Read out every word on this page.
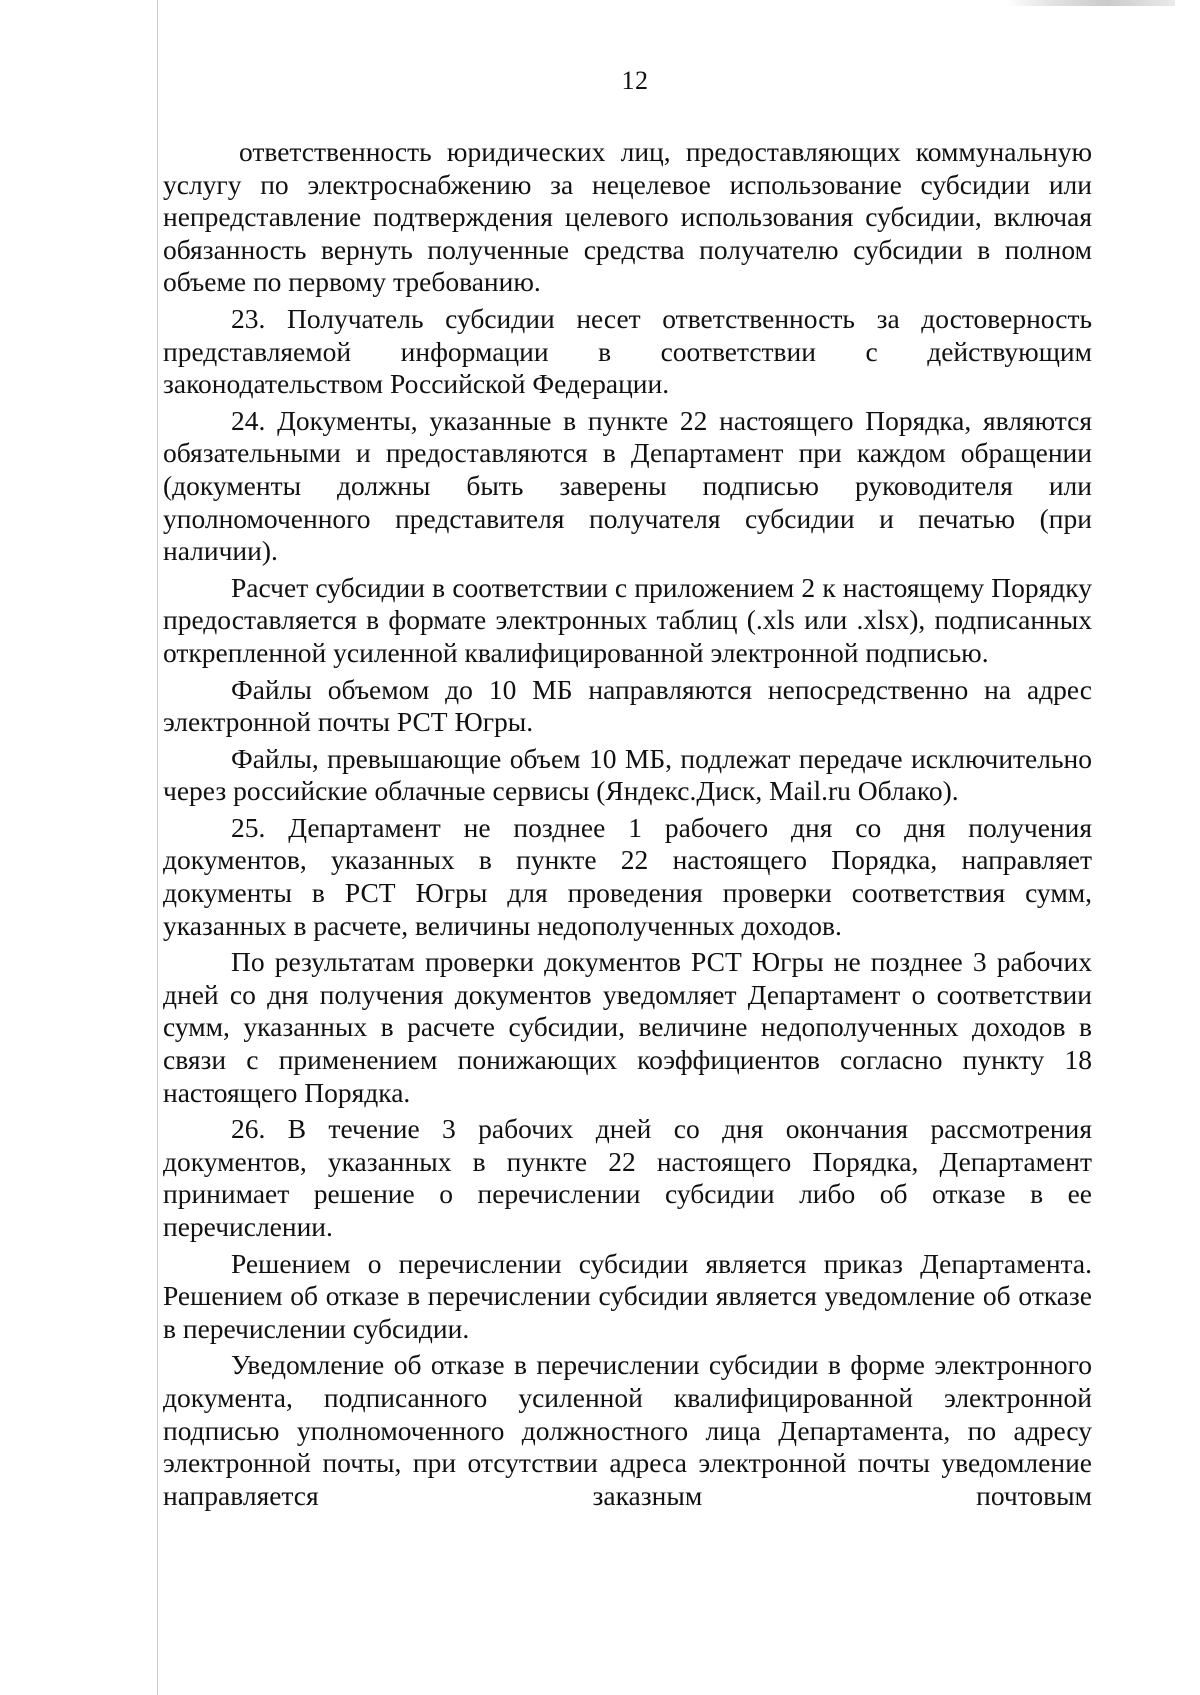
12

ответственность юридических лиц, предоставляющих коммунальную услугу по электроснабжению за нецелевое использование субсидии или непредставление подтверждения целевого использования субсидии, включая обязанность вернуть полученные средства получателю субсидии в полном объеме по первому требованию.

23. Получатель субсидии несет ответственность за достоверность представляемой информации в соответствии с действующим законодательством Российской Федерации.

24. Документы, указанные в пункте 22 настоящего Порядка, являются обязательными и предоставляются в Департамент при каждом обращении (документы должны быть заверены подписью руководителя или уполномоченного представителя получателя субсидии и печатью (при наличии).

Расчет субсидии в соответствии с приложением 2 к настоящему Порядку предоставляется в формате электронных таблиц (.xls или .xlsx), подписанных открепленной усиленной квалифицированной электронной подписью.

Файлы объемом до 10 МБ направляются непосредственно на адрес электронной почты РСТ Югры.

Файлы, превышающие объем 10 МБ, подлежат передаче исключительно через российские облачные сервисы (Яндекс.Диск, Mail.ru Облако).

25. Департамент не позднее 1 рабочего дня со дня получения документов, указанных в пункте 22 настоящего Порядка, направляет документы в РСТ Югры для проведения проверки соответствия сумм, указанных в расчете, величины недополученных доходов.

По результатам проверки документов РСТ Югры не позднее 3 рабочих дней со дня получения документов уведомляет Департамент о соответствии сумм, указанных в расчете субсидии, величине недополученных доходов в связи с применением понижающих коэффициентов согласно пункту 18 настоящего Порядка.

26. В течение 3 рабочих дней со дня окончания рассмотрения документов, указанных в пункте 22 настоящего Порядка, Департамент принимает решение о перечислении субсидии либо об отказе в ее перечислении.

Решением о перечислении субсидии является приказ Департамента. Решением об отказе в перечислении субсидии является уведомление об отказе в перечислении субсидии.

Уведомление об отказе в перечислении субсидии в форме электронного документа, подписанного усиленной квалифицированной электронной подписью уполномоченного должностного лица Департамента, по адресу электронной почты, при отсутствии адреса электронной почты уведомление направляется заказным почтовым
